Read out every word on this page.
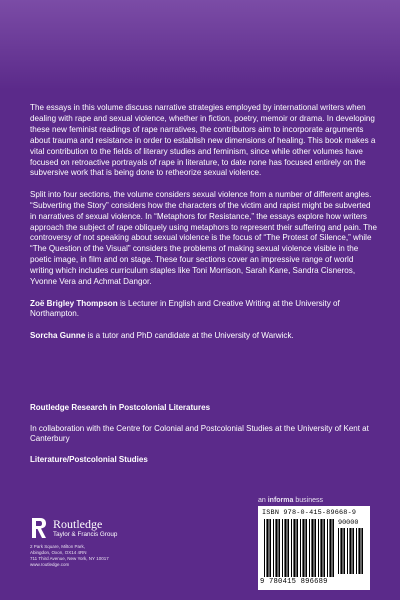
The essays in this volume discuss narrative strategies employed by international writers when dealing with rape and sexual violence, whether in fiction, poetry, memoir or drama. In developing these new feminist readings of rape narratives, the contributors aim to incorporate arguments about trauma and resistance in order to establish new dimensions of healing. This book makes a vital contribution to the fields of literary studies and feminism, since while other volumes have focused on retroactive portrayals of rape in literature, to date none has focused entirely on the subversive work that is being done to retheorize sexual violence.

Split into four sections, the volume considers sexual violence from a number of different angles. “Subverting the Story” considers how the characters of the victim and rapist might be subverted in narratives of sexual violence. In “Metaphors for Resistance,” the essays explore how writers approach the subject of rape obliquely using metaphors to represent their suffering and pain. The controversy of not speaking about sexual violence is the focus of “The Protest of Silence,” while “The Question of the Visual” considers the problems of making sexual violence visible in the poetic image, in film and on stage. These four sections cover an impressive range of world writing which includes curriculum staples like Toni Morrison, Sarah Kane, Sandra Cisneros, Yvonne Vera and Achmat Dangor.

Zoë Brigley Thompson is Lecturer in English and Creative Writing at the University of Northampton.

Sorcha Gunne is a tutor and PhD candidate at the University of Warwick.

Routledge Research in Postcolonial Literatures

In collaboration with the Centre for Colonial and Postcolonial Studies at the University of Kent at Canterbury

Literature/Postcolonial Studies

an informa business
Routledge
Taylor & Francis Group
2 Park Square, Milton Park,
Abingdon, Oxon, OX14 4RN
711 Third Avenue, New York, NY 10017
www.routledge.com
ISBN 978-0-415-89668-9
90000
9 780415 896689
